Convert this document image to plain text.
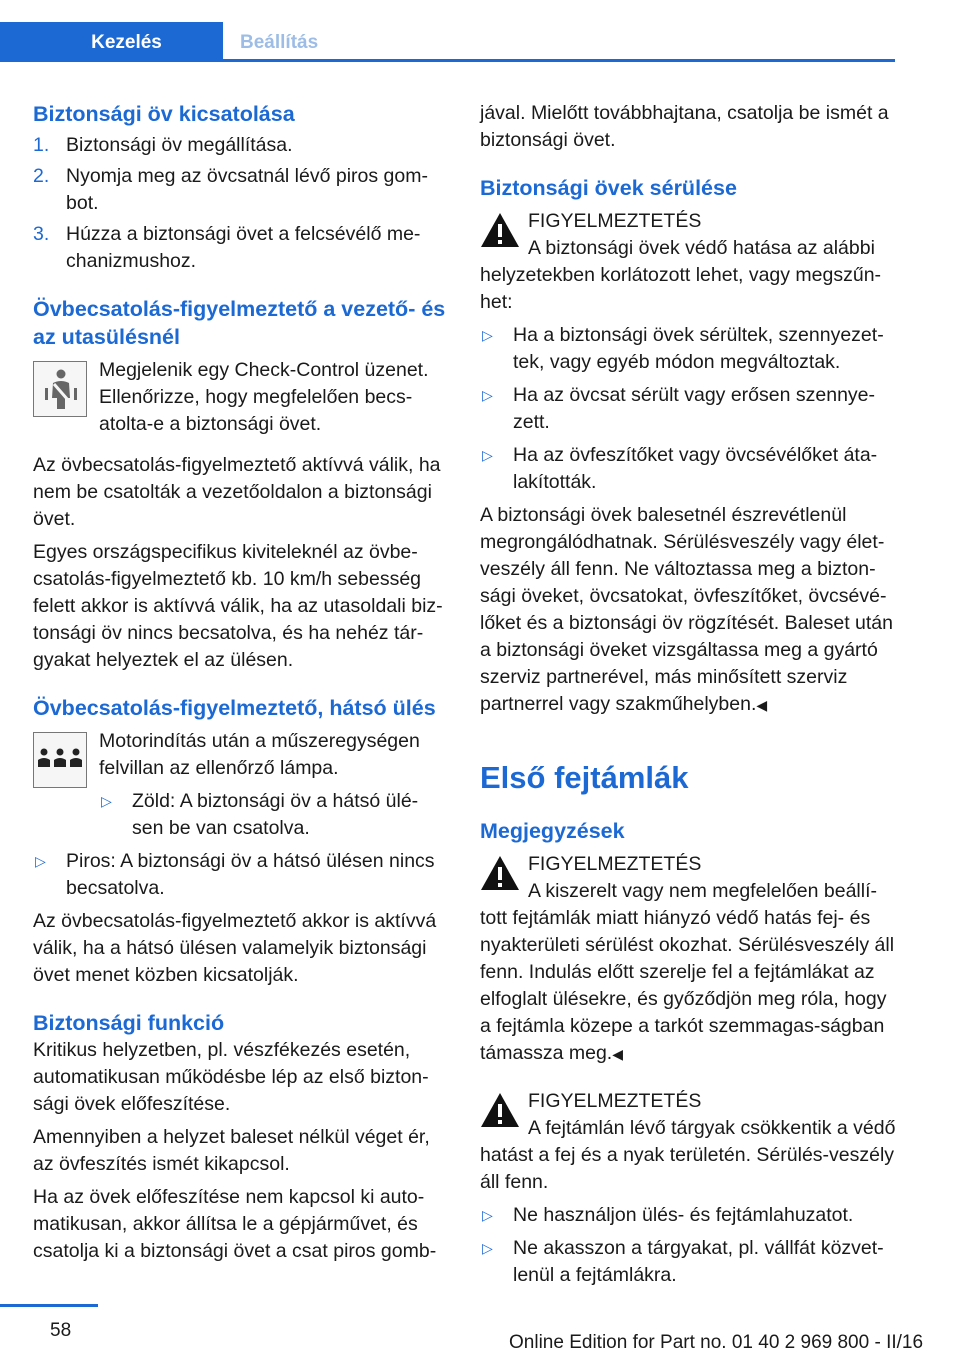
Kezelés	Beállítás
Biztonsági öv kicsatolása
1. Biztonsági öv megállítása.
2. Nyomja meg az övcsatnál lévő piros gom‐bot.
3. Húzza a biztonsági övet a felcsévélő me‐chanizmushoz.
Övbecsatolás-figyelmeztető a vezető- és az utasülésnél

Megjelenik egy Check-Control üzenet. Ellenőrizze, hogy megfelelően becs‐atolta-e a biztonsági övet.

Az övbecsatolás-figyelmeztető aktívvá válik, ha nem be csatolták a vezetőoldalon a biztonsági övet.

Egyes országspecifikus kiviteleknél az övbe‐csatolás-figyelmeztető kb. 10 km/h sebesség felett akkor is aktívvá válik, ha az utasoldali biz‐tonsági öv nincs becsatolva, és ha nehéz tár‐gyakat helyeztek el az ülésen.

Övbecsatolás-figyelmeztető, hátsó ülés

Motorindítás után a műszeregységen felvillan az ellenőrző lámpa.

▷ Zöld: A biztonsági öv a hátsó ülé‐sen be van csatolva.
▷ Piros: A biztonsági öv a hátsó ülésen nincs becsatolva.

Az övbecsatolás-figyelmeztető akkor is aktívvá válik, ha a hátsó ülésen valamelyik biztonsági övet menet közben kicsatolják.

Biztonsági funkció

Kritikus helyzetben, pl. vészfékezés esetén, automatikusan működésbe lép az első bizton‐sági övek előfeszítése.

Amennyiben a helyzet baleset nélkül véget ér, az övfeszítés ismét kikapcsol.

Ha az övek előfeszítése nem kapcsol ki auto‐matikusan, akkor állítsa le a gépjárművet, és csatolja ki a biztonsági övet a csat piros gomb‐

jával. Mielőtt továbbhajtana, csatolja be ismét a biztonsági övet.

Biztonsági övek sérülése

FIGYELMEZTETÉS

A biztonsági övek védő hatása az alábbi helyzetekben korlátozott lehet, vagy megszűn‐het:

▷ Ha a biztonsági övek sérültek, szennyezet‐tek, vagy egyéb módon megváltoztak.
▷ Ha az övcsat sérült vagy erősen szennye‐zett.
▷ Ha az övfeszítőket vagy övcsévélőket áta‐lakították.

A biztonsági övek balesetnél észrevétlenül megrongálódhatnak. Sérülésveszély vagy élet‐veszély áll fenn. Ne változtassa meg a bizton‐sági öveket, övcsatokat, övfeszítőket, övcsévé‐lőket és a biztonsági öv rögzítését. Baleset után a biztonsági öveket vizsgáltassa meg a gyártó szerviz partnerével, más minősített szerviz partnerrel vagy szakműhelyben.◀

Első fejtámlák
Megjegyzések

FIGYELMEZTETÉS

A kiszerelt vagy nem megfelelően beállí‐tott fejtámlák miatt hiányzó védő hatás fej- és nyakterületi sérülést okozhat. Sérülésveszély áll fenn. Indulás előtt szerelje fel a fejtámlákat az elfoglalt ülésekre, és győződjön meg róla, hogy a fejtámla közepe a tarkót szemmagas‐ságban támassza meg.◀

FIGYELMEZTETÉS

A fejtámlán lévő tárgyak csökkentik a védő hatást a fej és a nyak területén. Sérülés‐veszély áll fenn.

▷ Ne használjon ülés- és fejtámlahuzatot.
▷ Ne akasszon a tárgyakat, pl. vállfát közvet‐lenül a fejtámlákra.
58
Online Edition for Part no. 01 40 2 969 800 - II/16
